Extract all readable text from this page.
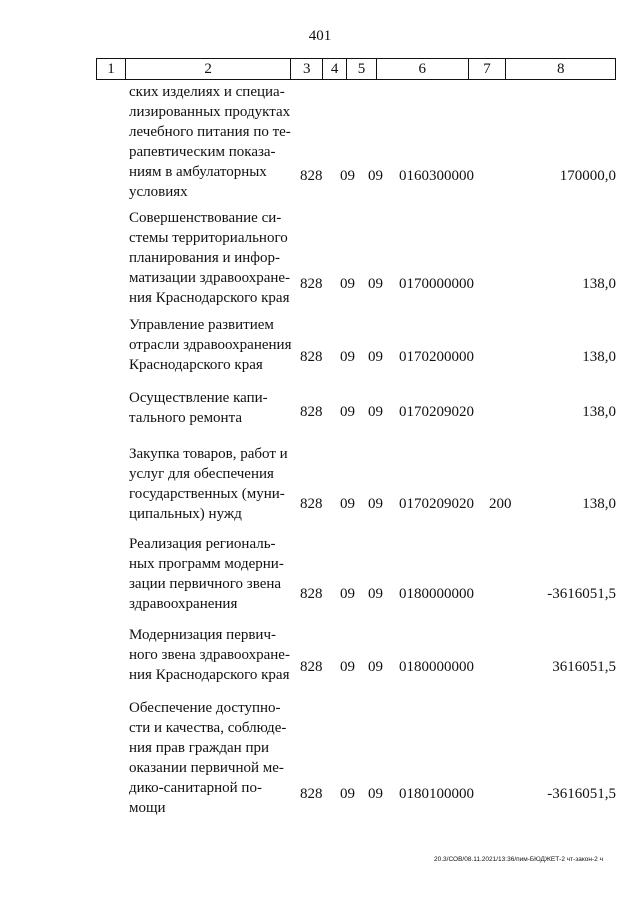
401
1	2	3	4	5	6	7	8
ских изделиях и специа-
лизированных продуктах
лечебного питания по те-
рапевтическим показа-
ниям в амбулаторных
условиях
828 09 09 0160300000	170000,0
Совершенствование си-
стемы территориального
планирования и инфор-
матизации здравоохране-
ния Краснодарского края
828 09 09 0170000000	138,0
Управление развитием
отрасли здравоохранения
Краснодарского края	828 09 09 0170200000	138,0
Осуществление капи-
тального ремонта	828 09 09 0170209020	138,0
Закупка товаров, работ и
услуг для обеспечения
государственных (муни-
ципальных) нужд
828 09 09 0170209020 200	138,0
Реализация региональ-
ных программ модерни-
зации первичного звена
здравоохранения
828 09 09 0180000000	-3616051,5
Модернизация первич-
ного звена здравоохране-
ния Краснодарского края 828 09 09 0180000000	3616051,5
Обеспечение доступно-
сти и качества, соблюде-
ния прав граждан при
оказании первичной ме-
дико-санитарной по-
мощи
828 09 09 0180100000	-3616051,5
20.3/СОВ/08.11.2021/13:36/пим-БЮДЖЕТ-2 чт-закон-2 ч
